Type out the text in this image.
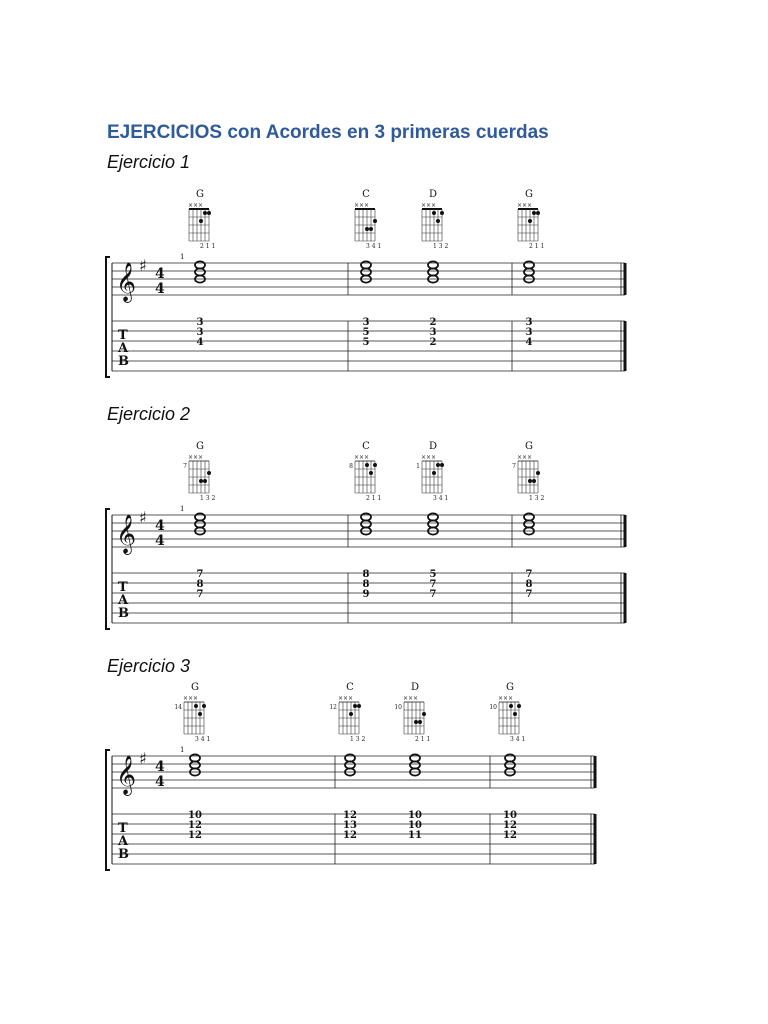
EJERCICIOS con Acordes en 3 primeras cuerdas
Ejercicio 1
Ejercicio 2
Ejercicio 3
𝄞 ♯ 4
4
T
A
B
1
G
×××
2 1 1
3
3
4
C
×××
3 4 1
3
5
5
D
×××
1 3 2
2
3
2
G
×××
2 1 1
3
3
4
𝄞 ♯ 4
4
T
A
B
1
G
×××
7
1 3 2
7
8
7
C
×××
8
2 1 1
8
8
9
D
×××
1
3 4 1
5
7
7
G
×××
7
1 3 2
7
8
7
𝄞 ♯ 4
4
T
A
B
1
G
×××
14
3 4 1
10
12
12
C
×××
12
1 3 2
12
13
12
D
×××
10
2 1 1
10
10
11
G
×××
10
3 4 1
10
12
12
